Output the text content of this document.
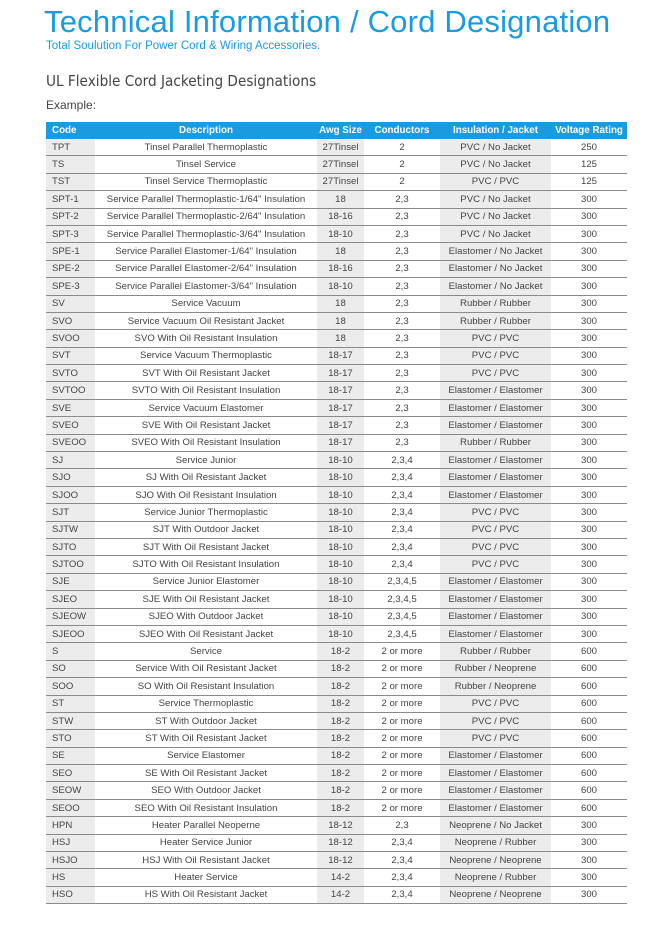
Technical Information / Cord Designation
Total Soulution For Power Cord & Wiring Accessories.
UL Flexible Cord Jacketing Designations
Example:
Code	Description	Awg Size	Conductors	Insulation / Jacket	Voltage Rating
TPT	Tinsel Parallel Thermoplastic	27Tinsel	2	PVC / No Jacket	250
TS	Tinsel Service	27Tinsel	2	PVC / No Jacket	125
TST	Tinsel Service Thermoplastic	27Tinsel	2	PVC / PVC	125
SPT-1	Service Parallel Thermoplastic-1/64" Insulation	18	2,3	PVC / No Jacket	300
SPT-2	Service Parallel Thermoplastic-2/64" Insulation	18-16	2,3	PVC / No Jacket	300
SPT-3	Service Parallel Thermoplastic-3/64" Insulation	18-10	2,3	PVC / No Jacket	300
SPE-1	Service Parallel Elastomer-1/64" Insulation	18	2,3	Elastomer / No Jacket	300
SPE-2	Service Parallel Elastomer-2/64" Insulation	18-16	2,3	Elastomer / No Jacket	300
SPE-3	Service Parallel Elastomer-3/64" Insulation	18-10	2,3	Elastomer / No Jacket	300
SV	Service Vacuum	18	2,3	Rubber / Rubber	300
SVO	Service Vacuum Oil Resistant Jacket	18	2,3	Rubber / Rubber	300
SVOO	SVO With Oil Resistant Insulation	18	2,3	PVC / PVC	300
SVT	Service Vacuum Thermoplastic	18-17	2,3	PVC / PVC	300
SVTO	SVT With Oil Resistant Jacket	18-17	2,3	PVC / PVC	300
SVTOO	SVTO With Oil Resistant Insulation	18-17	2,3	Elastomer / Elastomer	300
SVE	Service Vacuum Elastomer	18-17	2,3	Elastomer / Elastomer	300
SVEO	SVE With Oil Resistant Jacket	18-17	2,3	Elastomer / Elastomer	300
SVEOO	SVEO With Oil Resistant Insulation	18-17	2,3	Rubber / Rubber	300
SJ	Service Junior	18-10	2,3,4	Elastomer / Elastomer	300
SJO	SJ With Oil Resistant Jacket	18-10	2,3,4	Elastomer / Elastomer	300
SJOO	SJO With Oil Resistant Insulation	18-10	2,3,4	Elastomer / Elastomer	300
SJT	Service Junior Thermoplastic	18-10	2,3,4	PVC / PVC	300
SJTW	SJT With Outdoor Jacket	18-10	2,3,4	PVC / PVC	300
SJTO	SJT With Oil Resistant Jacket	18-10	2,3,4	PVC / PVC	300
SJTOO	SJTO With Oil Resistant Insulation	18-10	2,3,4	PVC / PVC	300
SJE	Service Junior Elastomer	18-10	2,3,4,5	Elastomer / Elastomer	300
SJEO	SJE With Oil Resistant Jacket	18-10	2,3,4,5	Elastomer / Elastomer	300
SJEOW	SJEO With Outdoor Jacket	18-10	2,3,4,5	Elastomer / Elastomer	300
SJEOO	SJEO With Oil Resistant Jacket	18-10	2,3,4,5	Elastomer / Elastomer	300
S	Service	18-2	2 or more	Rubber / Rubber	600
SO	Service With Oil Resistant Jacket	18-2	2 or more	Rubber / Neoprene	600
SOO	SO With Oil Resistant Insulation	18-2	2 or more	Rubber / Neoprene	600
ST	Service Thermoplastic	18-2	2 or more	PVC / PVC	600
STW	ST With Outdoor Jacket	18-2	2 or more	PVC / PVC	600
STO	ST With Oil Resistant Jacket	18-2	2 or more	PVC / PVC	600
SE	Service Elastomer	18-2	2 or more	Elastomer / Elastomer	600
SEO	SE With Oil Resistant Jacket	18-2	2 or more	Elastomer / Elastomer	600
SEOW	SEO With Outdoor Jacket	18-2	2 or more	Elastomer / Elastomer	600
SEOO	SEO With Oil Resistant Insulation	18-2	2 or more	Elastomer / Elastomer	600
HPN	Heater Parallel Neoperne	18-12	2,3	Neoprene / No Jacket	300
HSJ	Heater Service Junior	18-12	2,3,4	Neoprene / Rubber	300
HSJO	HSJ With Oil Resistant Jacket	18-12	2,3,4	Neoprene / Neoprene	300
HS	Heater Service	14-2	2,3,4	Neoprene / Rubber	300
HSO	HS With Oil Resistant Jacket	14-2	2,3,4	Neoprene / Neoprene	300
